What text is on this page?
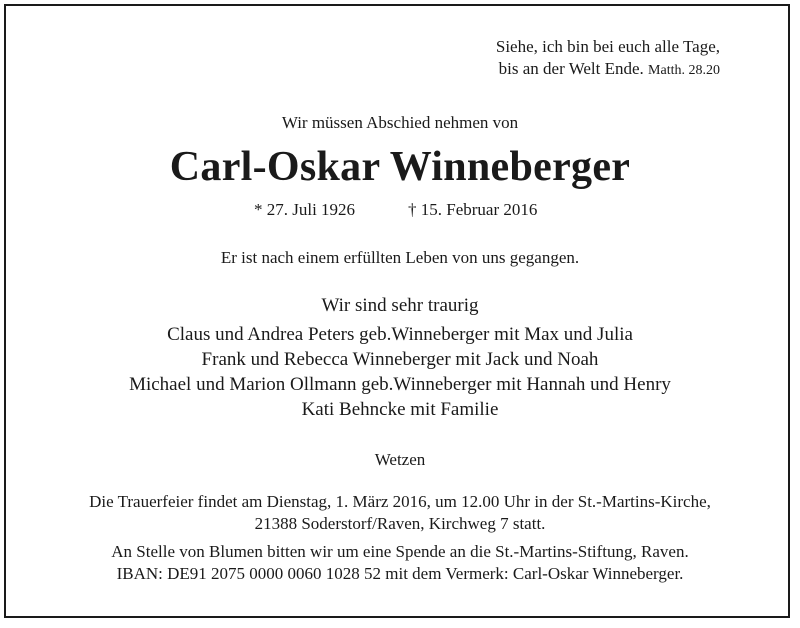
Siehe, ich bin bei euch alle Tage,
bis an der Welt Ende. Matth. 28.20
Wir müssen Abschied nehmen von
Carl-Oskar Winneberger
* 27. Juli 1926	† 15. Februar 2016
Er ist nach einem erfüllten Leben von uns gegangen.
Wir sind sehr traurig
Claus und Andrea Peters geb.Winneberger mit Max und Julia
Frank und Rebecca Winneberger mit Jack und Noah
Michael und Marion Ollmann geb.Winneberger mit Hannah und Henry
Kati Behncke mit Familie
Wetzen
Die Trauerfeier findet am Dienstag, 1. März 2016, um 12.00 Uhr in der St.-Martins-Kirche,
21388 Soderstorf/Raven, Kirchweg 7 statt.
An Stelle von Blumen bitten wir um eine Spende an die St.-Martins-Stiftung, Raven.
IBAN: DE91 2075 0000 0060 1028 52 mit dem Vermerk: Carl-Oskar Winneberger.
